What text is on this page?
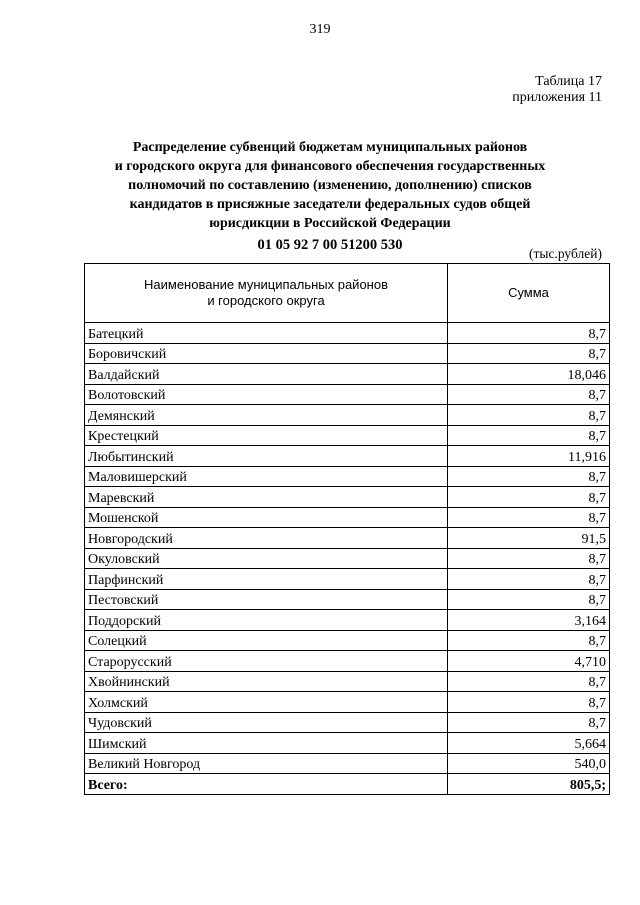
319
Таблица 17
приложения 11
Распределение субвенций бюджетам муниципальных районов
и городского округа для финансового обеспечения государственных
полномочий по составлению (изменению, дополнению) списков
кандидатов в присяжные заседатели федеральных судов общей
юрисдикции в Российской Федерации
01 05 92 7 00 51200 530
(тыс.рублей)
Наименование муниципальных районов
и городского округа	Сумма
Батецкий	8,7
Боровичский	8,7
Валдайский	18,046
Волотовский	8,7
Демянский	8,7
Крестецкий	8,7
Любытинский	11,916
Маловишерский	8,7
Маревский	8,7
Мошенской	8,7
Новгородский	91,5
Окуловский	8,7
Парфинский	8,7
Пестовский	8,7
Поддорский	3,164
Солецкий	8,7
Старорусский	4,710
Хвойнинский	8,7
Холмский	8,7
Чудовский	8,7
Шимский	5,664
Великий Новгород	540,0
Всего:	805,5;
